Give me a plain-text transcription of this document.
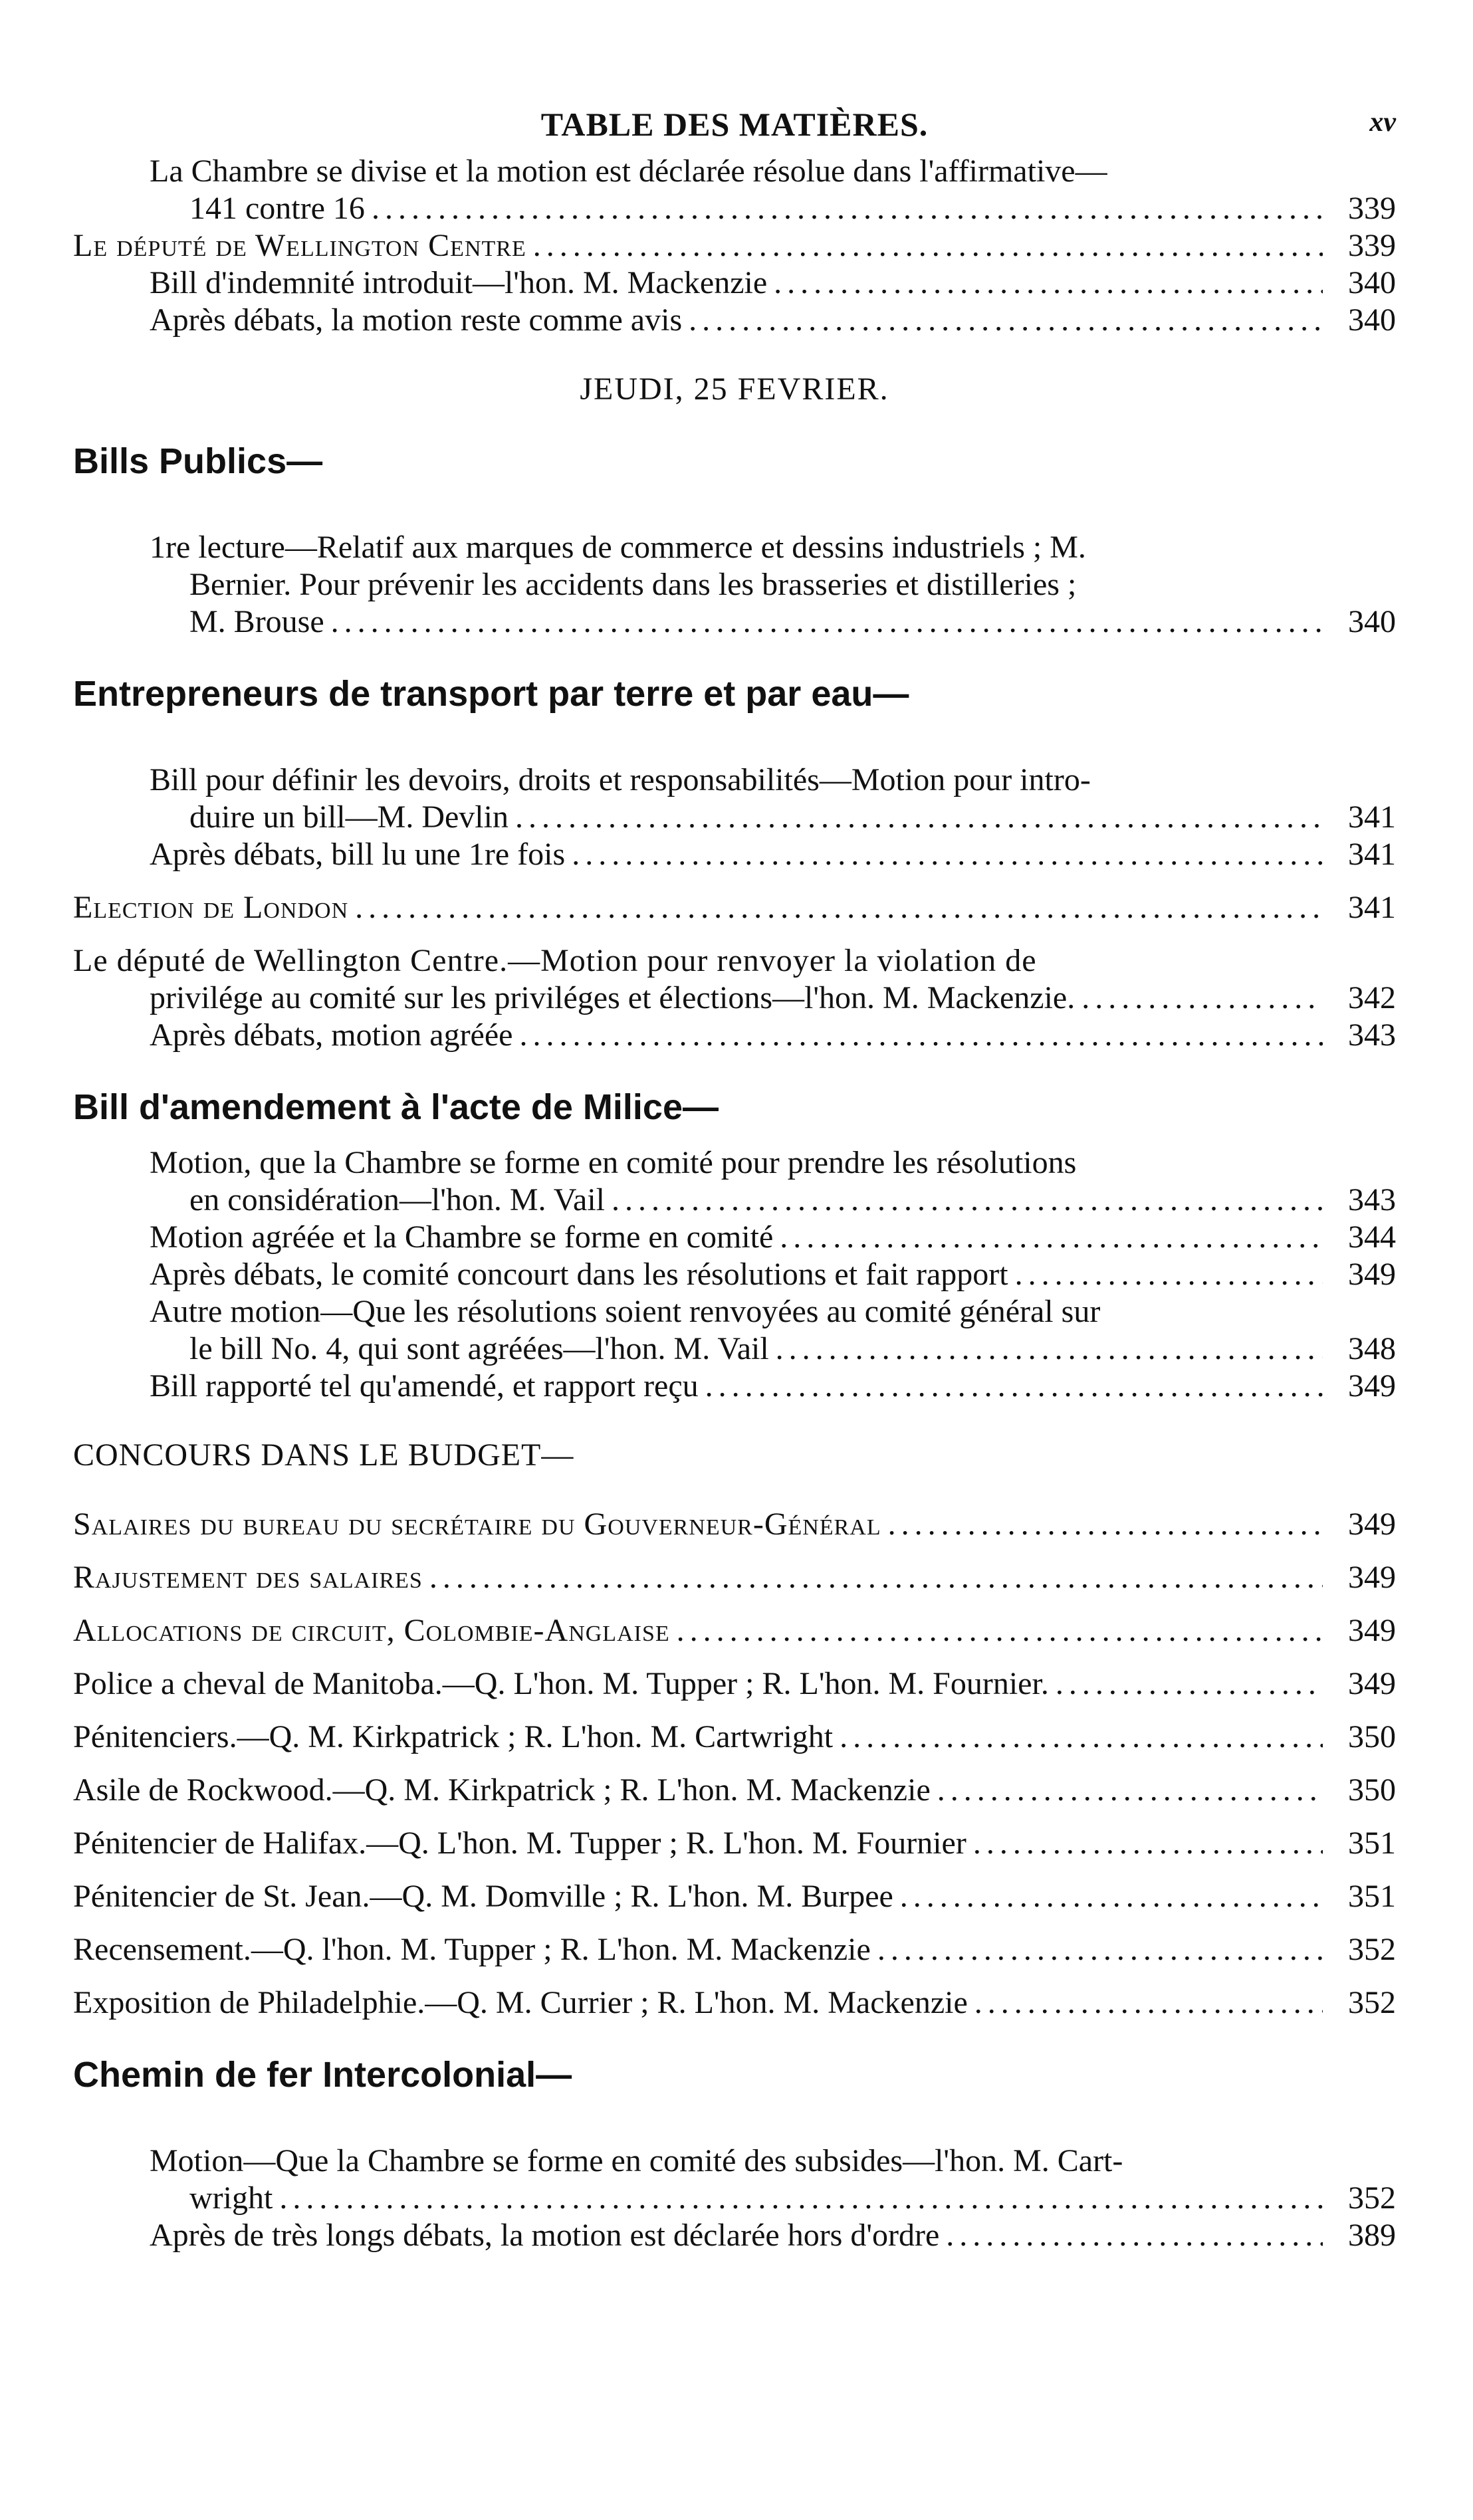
TABLE DES MATIÈRES.	xv
La Chambre se divise et la motion est déclarée résolue dans l'affirmative—
141 contre 16 . . .	339
Le député de Wellington Centre . . .	339
Bill d'indemnité introduit—l'hon. M. Mackenzie . . .	340
Après débats, la motion reste comme avis . . .	340
JEUDI, 25 FEVRIER.
Bills Publics—
1re lecture—Relatif aux marques de commerce et dessins industriels ; M.
Bernier. Pour prévenir les accidents dans les brasseries et distilleries ;
M. Brouse . . .	340
Entrepreneurs de transport par terre et par eau—
Bill pour définir les devoirs, droits et responsabilités—Motion pour intro-
duire un bill—M. Devlin . . .	341
Après débats, bill lu une 1re fois . . .	341
Election de London . . .	341
Le député de Wellington Centre.—Motion pour renvoyer la violation de
privilége au comité sur les priviléges et élections—l'hon. M. Mackenzie. . . .	342
Après débats, motion agréée . . .	343
Bill d'amendement à l'acte de Milice—
Motion, que la Chambre se forme en comité pour prendre les résolutions
en considération—l'hon. M. Vail . . .	343
Motion agréée et la Chambre se forme en comité . . .	344
Après débats, le comité concourt dans les résolutions et fait rapport . . .	349
Autre motion—Que les résolutions soient renvoyées au comité général sur
le bill No. 4, qui sont agréées—l'hon. M. Vail . . .	348
Bill rapporté tel qu'amendé, et rapport reçu . . .	349
CONCOURS DANS LE BUDGET—
Salaires du bureau du secrétaire du Gouverneur-Général . . .	349
Rajustement des salaires . . .	349
Allocations de circuit, Colombie-Anglaise . . .	349
Police a cheval de Manitoba.—Q. L'hon. M. Tupper ; R. L'hon. M. Fournier. . . .	349
Pénitenciers.—Q. M. Kirkpatrick ; R. L'hon. M. Cartwright . . .	350
Asile de Rockwood.—Q. M. Kirkpatrick ; R. L'hon. M. Mackenzie . . .	350
Pénitencier de Halifax.—Q. L'hon. M. Tupper ; R. L'hon. M. Fournier . . .	351
Pénitencier de St. Jean.—Q. M. Domville ; R. L'hon. M. Burpee . . .	351
Recensement.—Q. l'hon. M. Tupper ; R. L'hon. M. Mackenzie . . .	352
Exposition de Philadelphie.—Q. M. Currier ; R. L'hon. M. Mackenzie . . .	352
Chemin de fer Intercolonial—
Motion—Que la Chambre se forme en comité des subsides—l'hon. M. Cart-
wright . . .	352
Après de très longs débats, la motion est déclarée hors d'ordre . . .	389
